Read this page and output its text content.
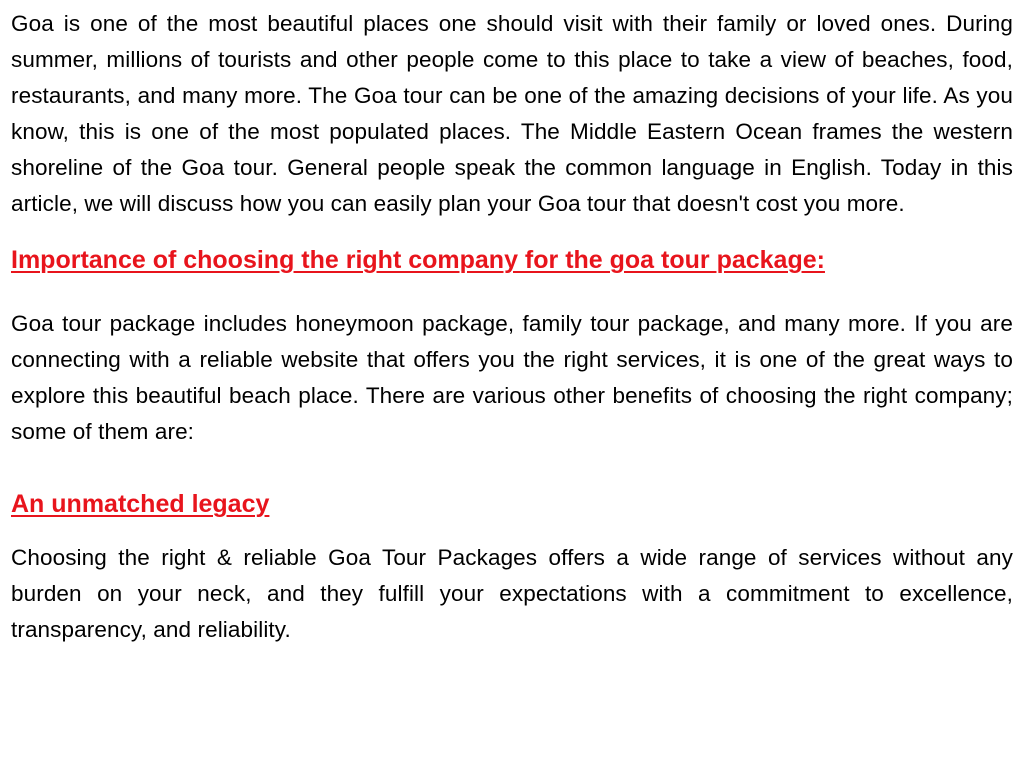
Goa is one of the most beautiful places one should visit with their family or loved ones. During summer, millions of tourists and other people come to this place to take a view of beaches, food, restaurants, and many more. The Goa tour can be one of the amazing decisions of your life. As you know, this is one of the most populated places. The Middle Eastern Ocean frames the western shoreline of the Goa tour. General people speak the common language in English. Today in this article, we will discuss how you can easily plan your Goa tour that doesn't cost you more.

Importance of choosing the right company for the goa tour package:

Goa tour package includes honeymoon package, family tour package, and many more. If you are connecting with a reliable website that offers you the right services, it is one of the great ways to explore this beautiful beach place. There are various other benefits of choosing the right company; some of them are:

An unmatched legacy

Choosing the right & reliable Goa Tour Packages offers a wide range of services without any burden on your neck, and they fulfill your expectations with a commitment to excellence, transparency, and reliability.
